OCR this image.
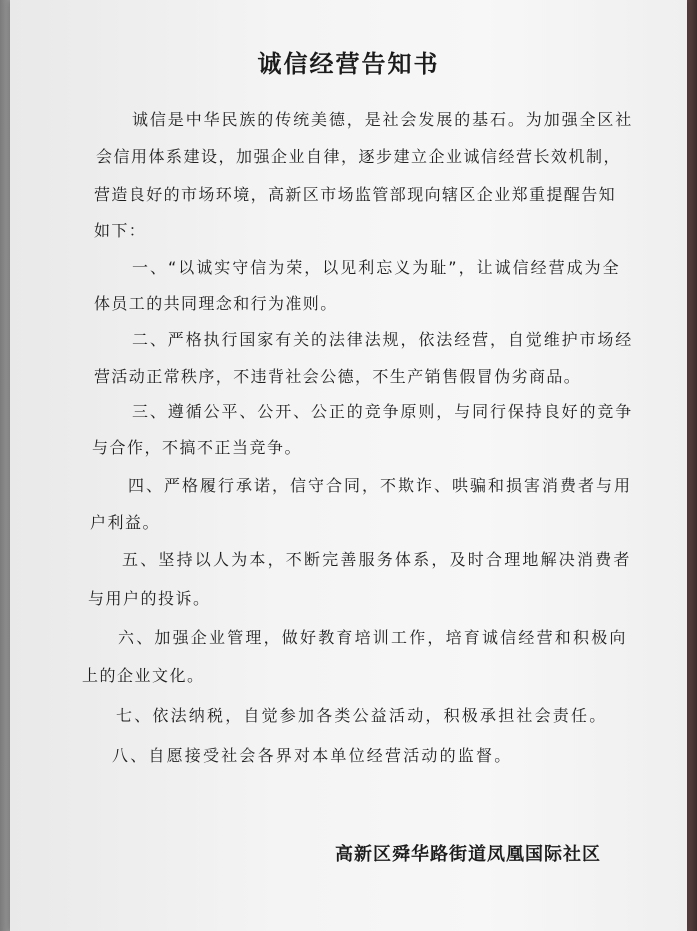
诚信经营告知书
诚信是中华民族的传统美德，是社会发展的基石。为加强全区社
会信用体系建设，加强企业自律，逐步建立企业诚信经营长效机制，
营造良好的市场环境，高新区市场监管部现向辖区企业郑重提醒告知
如下：
一、“以诚实守信为荣，以见利忘义为耻”，让诚信经营成为全
体员工的共同理念和行为准则。
二、严格执行国家有关的法律法规，依法经营，自觉维护市场经
营活动正常秩序，不违背社会公德，不生产销售假冒伪劣商品。
三、遵循公平、公开、公正的竞争原则，与同行保持良好的竞争
与合作，不搞不正当竞争。
四、严格履行承诺，信守合同，不欺诈、哄骗和损害消费者与用
户利益。
五、坚持以人为本，不断完善服务体系，及时合理地解决消费者
与用户的投诉。
六、加强企业管理，做好教育培训工作，培育诚信经营和积极向
上的企业文化。
七、依法纳税，自觉参加各类公益活动，积极承担社会责任。
八、自愿接受社会各界对本单位经营活动的监督。
高新区舜华路街道凤凰国际社区
